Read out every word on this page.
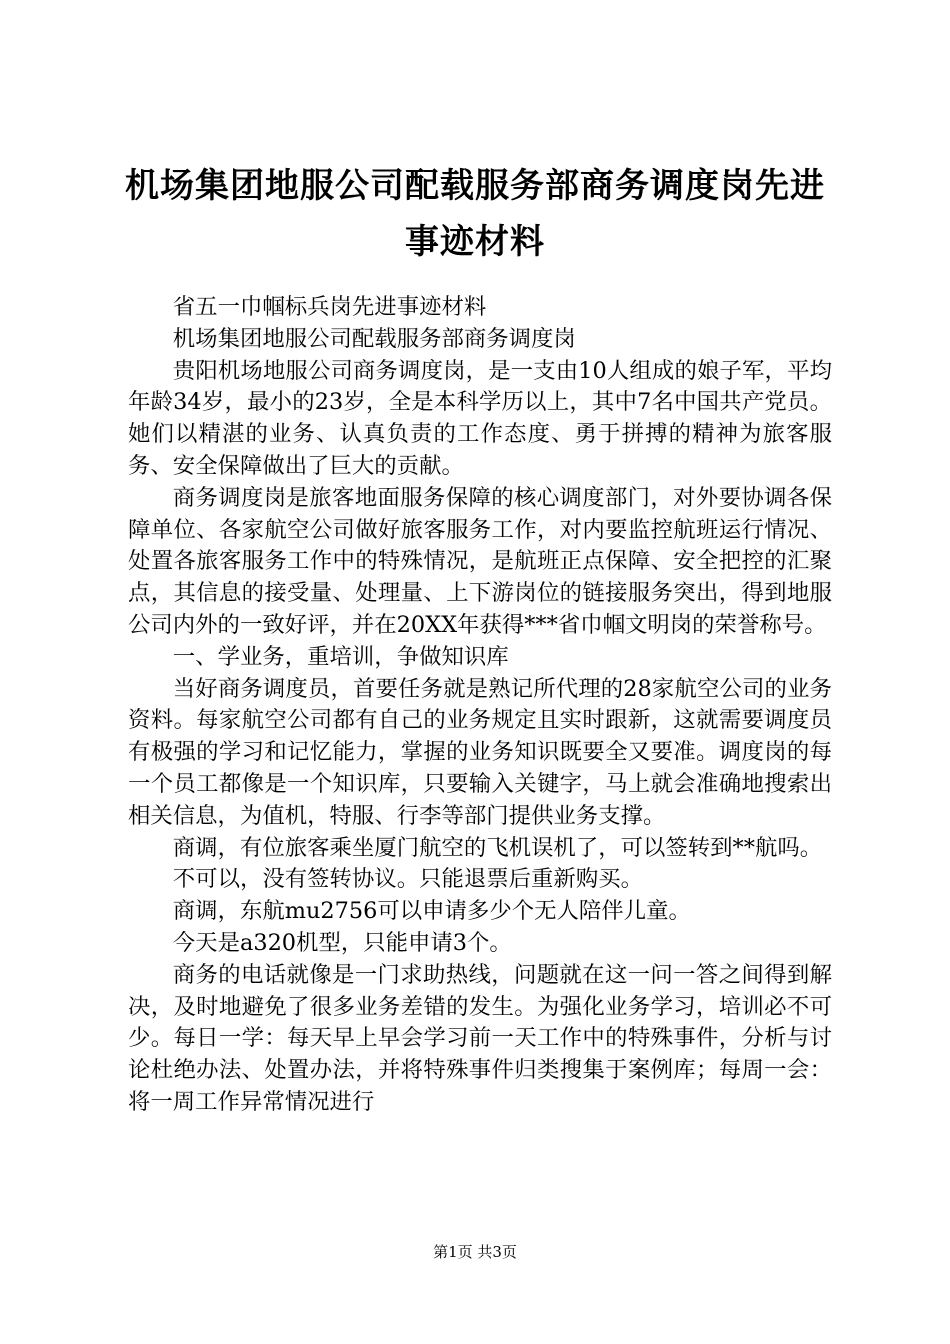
机场集团地服公司配载服务部商务调度岗先进
事迹材料

省五一巾帼标兵岗先进事迹材料

机场集团地服公司配载服务部商务调度岗

贵阳机场地服公司商务调度岗，是一支由10人组成的娘子军，平均年龄34岁，最小的23岁，全是本科学历以上，其中7名中国共产党员。她们以精湛的业务、认真负责的工作态度、勇于拼搏的精神为旅客服务、安全保障做出了巨大的贡献。

商务调度岗是旅客地面服务保障的核心调度部门，对外要协调各保障单位、各家航空公司做好旅客服务工作，对内要监控航班运行情况、处置各旅客服务工作中的特殊情况，是航班正点保障、安全把控的汇聚点，其信息的接受量、处理量、上下游岗位的链接服务突出，得到地服公司内外的一致好评，并在20XX年获得***省巾帼文明岗的荣誉称号。

一、学业务，重培训，争做知识库

当好商务调度员，首要任务就是熟记所代理的28家航空公司的业务资料。每家航空公司都有自己的业务规定且实时跟新，这就需要调度员有极强的学习和记忆能力，掌握的业务知识既要全又要准。调度岗的每一个员工都像是一个知识库，只要输入关键字，马上就会准确地搜索出相关信息，为值机，特服、行李等部门提供业务支撑。

商调，有位旅客乘坐厦门航空的飞机误机了，可以签转到**航吗。

不可以，没有签转协议。只能退票后重新购买。

商调，东航mu2756可以申请多少个无人陪伴儿童。

今天是a320机型，只能申请3个。

商务的电话就像是一门求助热线，问题就在这一问一答之间得到解决，及时地避免了很多业务差错的发生。为强化业务学习，培训必不可少。每日一学：每天早上早会学习前一天工作中的特殊事件，分析与讨论杜绝办法、处置办法，并将特殊事件归类搜集于案例库；每周一会：将一周工作异常情况进行

第1页 共3页
